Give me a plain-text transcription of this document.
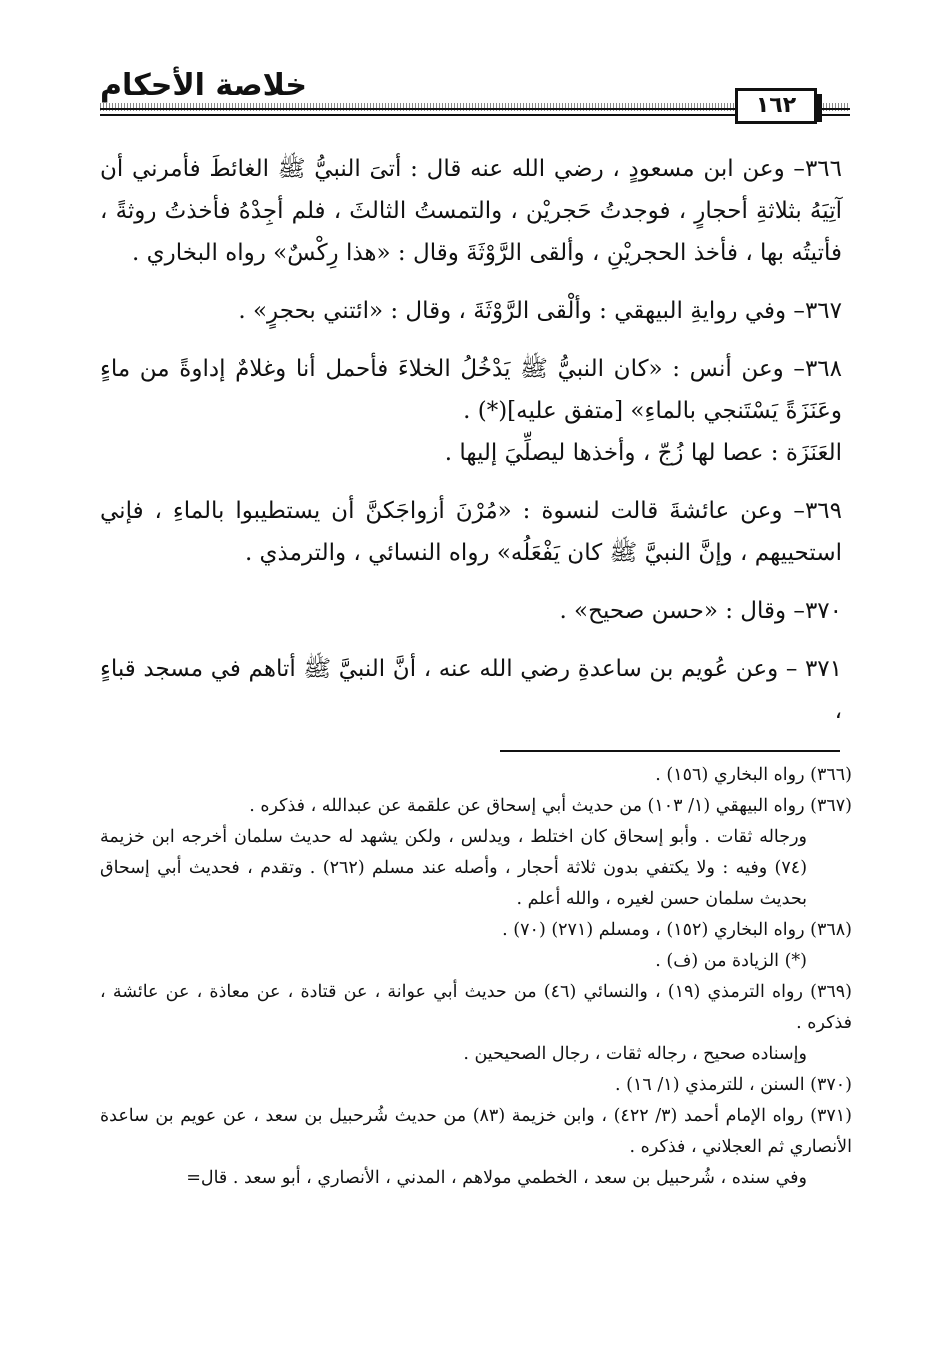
خلاصة الأحكام
١٦٢

٣٦٦– وعن ابن مسعودٍ ، رضي الله عنه قال : أتىَ النبيُّ ﷺ الغائطَ فأمرني أن آتِيَهُ بثلاثةِ أحجارٍ ، فوجدتُ حَجريْن ، والتمستُ الثالثَ ، فلم أجِدْهُ فأخذتُ روثةً ، فأتيتُه بها ، فأخذ الحجريْنِ ، وألقى الرَّوْثَةَ وقال : «هذا رِكْسٌ» رواه البخاري .

٣٦٧– وفي روايةِ البيهقي : وألْقى الرَّوْثَةَ ، وقال : «ائتني بحجرٍ» .

٣٦٨– وعن أنس : «كان النبيُّ ﷺ يَدْخُلُ الخلاءَ فأحمل أنا وغلامٌ إداوةً من ماءٍ وعَنَزَةً يَسْتَنجي بالماءِ» [متفق عليه](*) .

العَنَزَة : عصا لها زُجّ ، وأخذها ليصلِّيَ إليها .

٣٦٩– وعن عائشةَ قالت لنسوة : «مُرْنَ أزواجَكنَّ أن يستطيبوا بالماءِ ، فإني استحييهم ، وإنَّ النبيَّ ﷺ كان يَفْعَلُه» رواه النسائي ، والترمذي .

٣٧٠– وقال : «حسن صحيح» .

٣٧١ – وعن عُويم بن ساعدةِ رضي الله عنه ، أنَّ النبيَّ ﷺ أتاهم في مسجد قباءٍ ،

(٣٦٦) رواه البخاري (١٥٦) .

(٣٦٧) رواه البيهقي (١/ ١٠٣) من حديث أبي إسحاق عن علقمة عن عبدالله ، فذكره .

ورجاله ثقات . وأبو إسحاق كان اختلط ، ويدلس ، ولكن يشهد له حديث سلمان أخرجه ابن خزيمة (٧٤) وفيه : ولا يكتفي بدون ثلاثة أحجار ، وأصله عند مسلم (٢٦٢) . وتقدم ، فحديث أبي إسحاق بحديث سلمان حسن لغيره ، والله أعلم .

(٣٦٨) رواه البخاري (١٥٢) ، ومسلم (٢٧١) (٧٠) .

(*) الزيادة من (ف) .

(٣٦٩) رواه الترمذي (١٩) ، والنسائي (٤٦) من حديث أبي عوانة ، عن قتادة ، عن معاذة ، عن عائشة ، فذكره .

وإسناده صحيح ، رجاله ثقات ، رجال الصحيحين .

(٣٧٠) السنن ، للترمذي (١/ ١٦) .

(٣٧١) رواه الإمام أحمد (٣/ ٤٢٢) ، وابن خزيمة (٨٣) من حديث شُرحبيل بن سعد ، عن عويم بن ساعدة الأنصاري ثم العجلاني ، فذكره .

وفي سنده ، شُرحبيل بن سعد ، الخطمي مولاهم ، المدني ، الأنصاري ، أبو سعد . قال=
